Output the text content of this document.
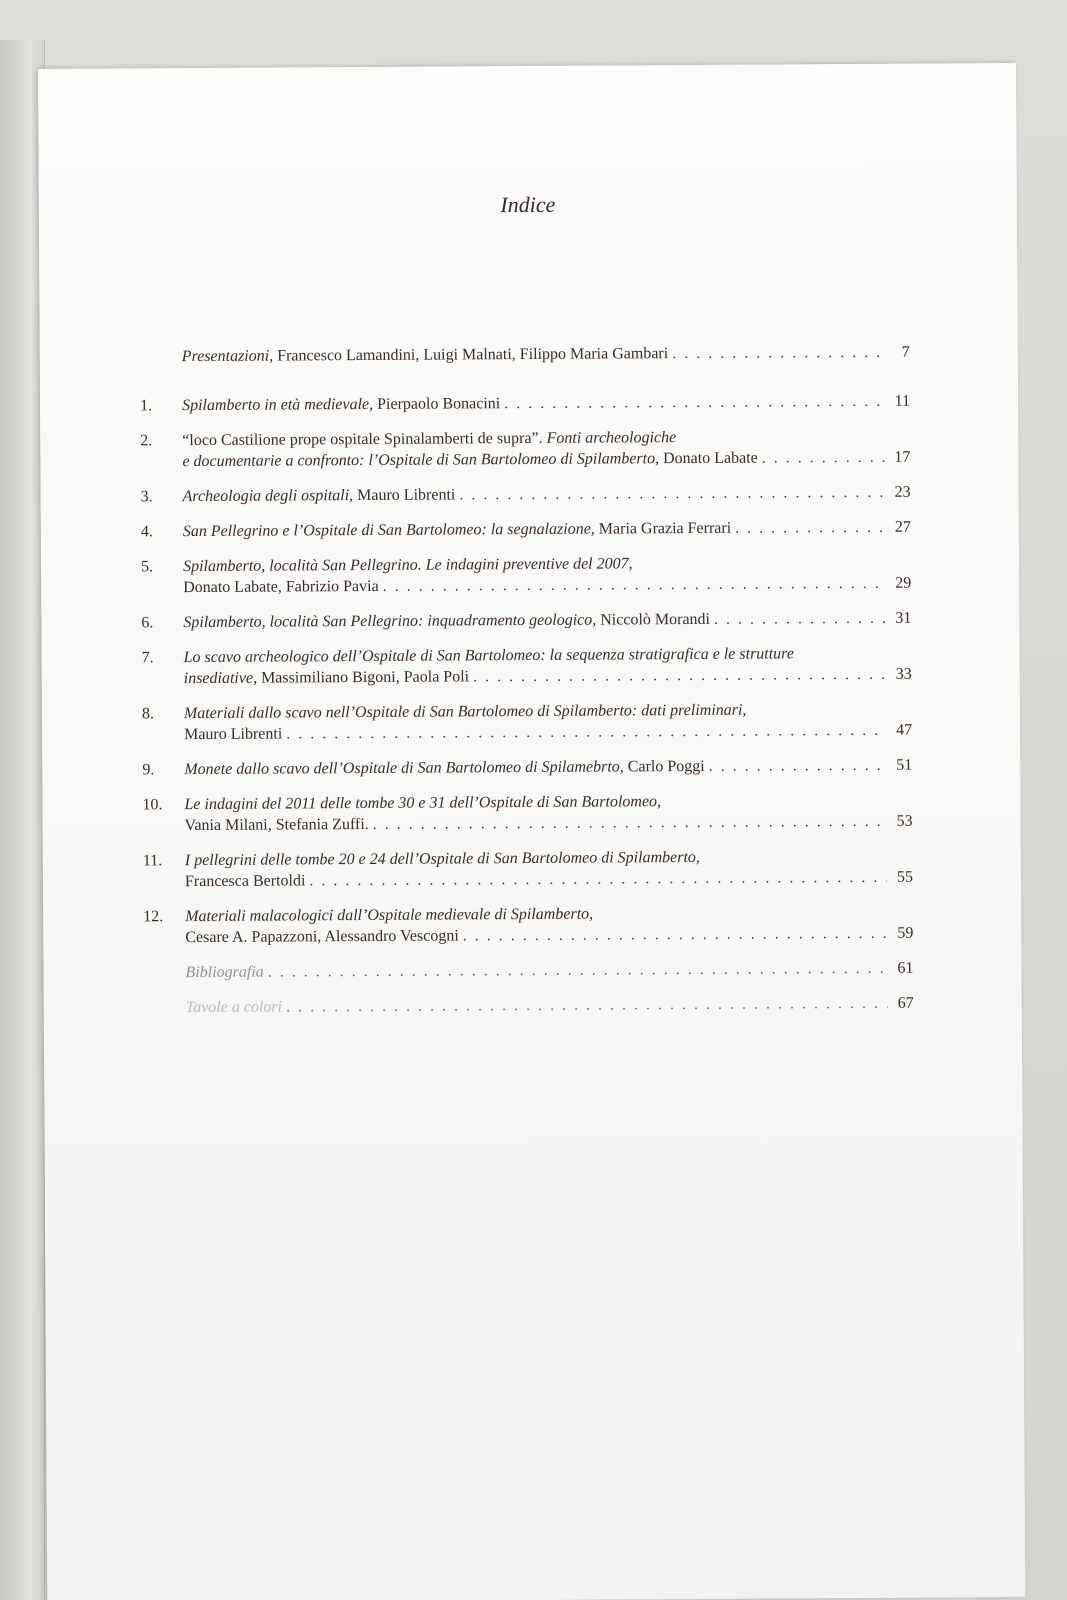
Indice
Presentazioni,
Francesco Lamandini, Luigi Malnati, Filippo Maria Gambari . . .	7
1.	Spilamberto in età medievale,
Pierpaolo Bonacini . . .	11
2.	“loco Castilione prope ospitale Spinalamberti de supra”.
Fonti archeologiche
e documentarie a confronto: l’Ospitale di San Bartolomeo di Spilamberto,
Donato Labate . . .	17
3.	Archeologia degli ospitali,
Mauro Librenti . . .	23
4.	San Pellegrino e l’Ospitale di San Bartolomeo: la segnalazione,
Maria Grazia Ferrari . . .	27
5.	Spilamberto, località San Pellegrino. Le indagini preventive del 2007,
Donato Labate, Fabrizio Pavia . . .	29
6.	Spilamberto, località San Pellegrino: inquadramento geologico,
Niccolò Morandi . . .	31
7.	Lo scavo archeologico dell’Ospitale di San Bartolomeo: la sequenza stratigrafica e le strutture
insediative,
Massimiliano Bigoni, Paola Poli . . .	33
8.	Materiali dallo scavo nell’Ospitale di San Bartolomeo di Spilamberto: dati preliminari,
Mauro Librenti . . .	47
9.	Monete dallo scavo dell’Ospitale di San Bartolomeo di Spilamebrto,
Carlo Poggi . . .	51
10.	Le indagini del 2011 delle tombe 30 e 31 dell’Ospitale di San Bartolomeo,
Vania Milani, Stefania Zuffi. . . .	53
11.	I pellegrini delle tombe 20 e 24 dell’Ospitale di San Bartolomeo di Spilamberto,
Francesca Bertoldi . . .	55
12.	Materiali malacologici dall’Ospitale medievale di Spilamberto,
Cesare A. Papazzoni, Alessandro Vescogni . . .	59
Bibliografia . . .	61
Tavole a colori . . .	67
